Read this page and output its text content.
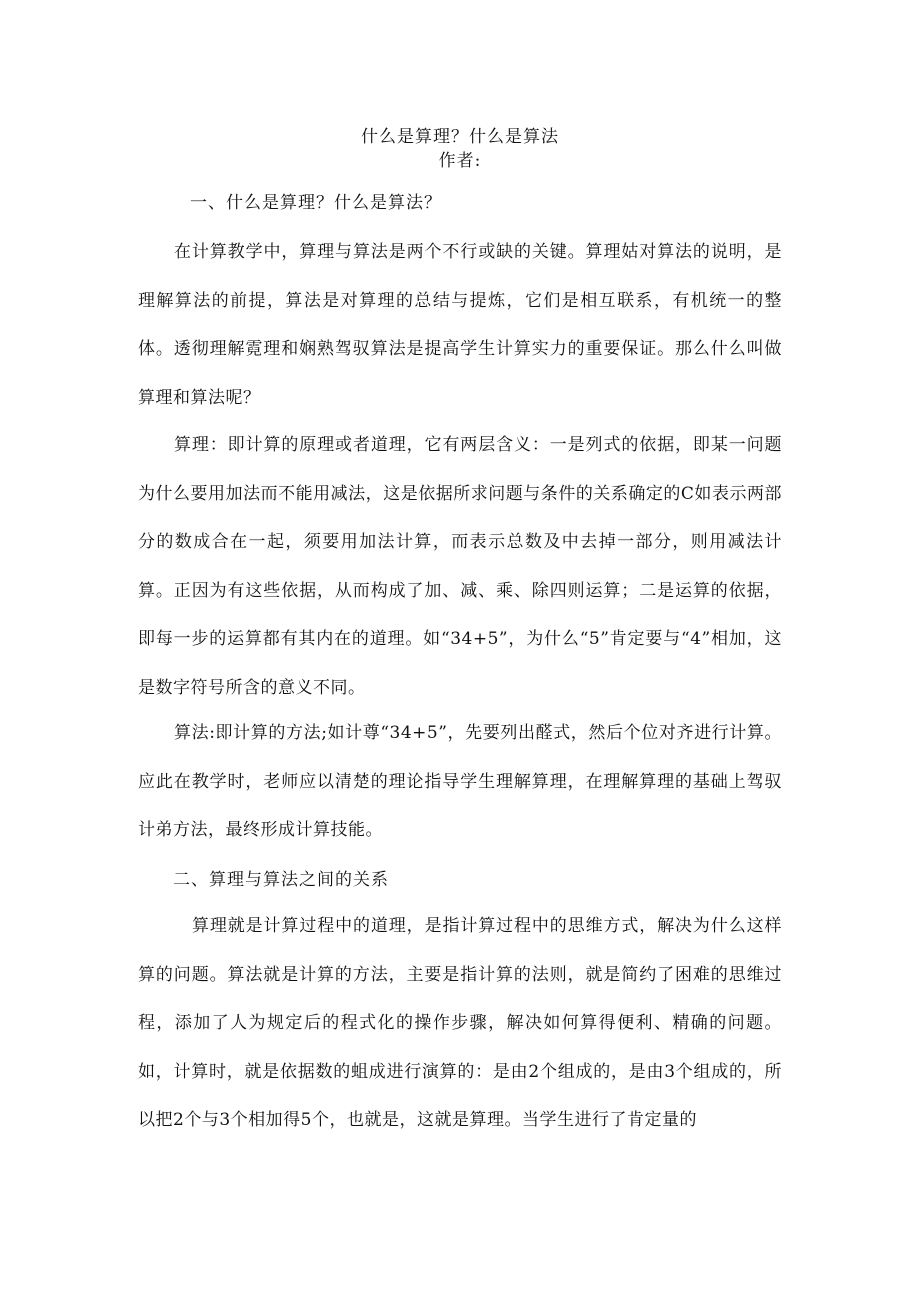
什么是算理？什么是算法
作者:
一、什么是算理？什么是算法？
在计算教学中，算理与算法是两个不行或缺的关键。算理姑对算法的说明，是理解算法的前提，算法是对算理的总结与提炼，它们是相互联系，有机统一的整体。透彻理解霓理和娴熟驾驭算法是提高学生计算实力的重要保证。那么什么叫做算理和算法呢？
算理：即计算的原理或者道理，它有两层含义：一是列式的依据，即某一问题为什么要用加法而不能用减法，这是依据所求问题与条件的关系确定的C如表示两部分的数成合在一起，须要用加法计算，而表示总数及中去掉一部分，则用减法计算。正因为有这些依据，从而构成了加、减、乘、除四则运算；二是运算的依据，即每一步的运算都有其内在的道理。如“34+5”，为什么“5”肯定要与“4”相加，这是数字符号所含的意义不同。
算法:即计算的方法;如计尊“34+5”，先要列出醛式，然后个位对齐进行计算。应此在教学时，老师应以清楚的理论指导学生理解算理，在理解算理的基础上驾驭计弟方法，最终形成计算技能。
二、算理与算法之间的关系
算理就是计算过程中的道理，是指计算过程中的思维方式，解决为什么这样算的问题。算法就是计算的方法，主要是指计算的法则，就是简约了困难的思维过程，添加了人为规定后的程式化的操作步骤，解决如何算得便利、精确的问题。如，计算时，就是依据数的蛆成进行演算的：是由2个组成的，是由3个组成的，所以把2个与3个相加得5个，也就是，这就是算理。当学生进行了肯定量的
